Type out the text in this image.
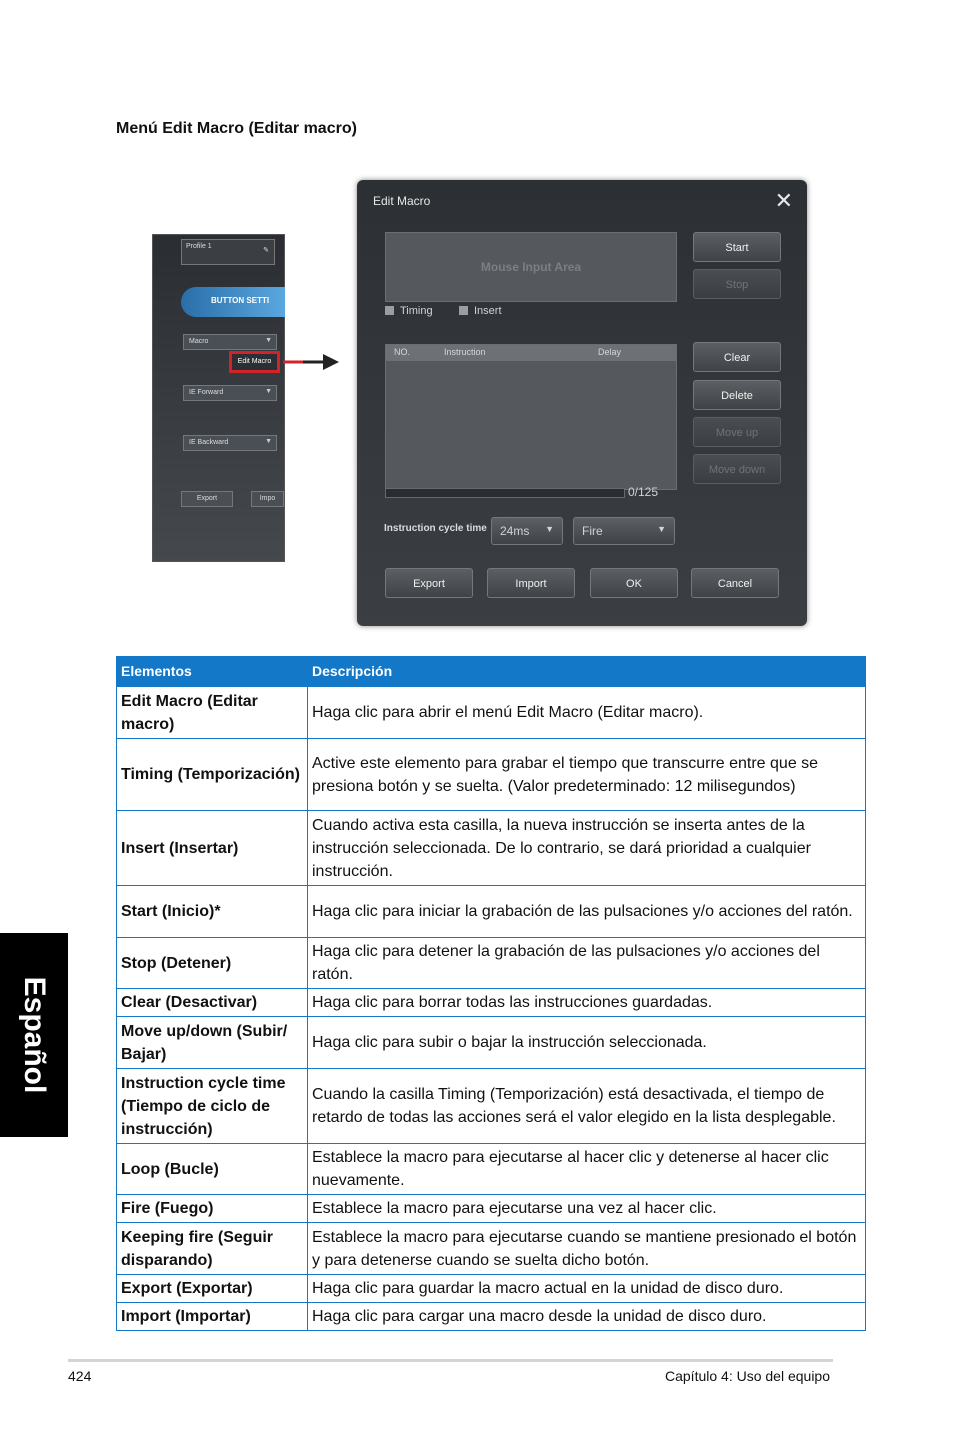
Menú Edit Macro (Editar macro)
Español
Profile 1
✎
BUTTON SETTI
Macro	▼
IE Forward	▼
IE Backward	▼
Export	Impo
Edit Macro
Edit Macro	✕
Mouse Input Area
Start
Stop
Timing	Insert
NO.	Instruction	Delay	Clear
Delete
Move up
Move down
0/125
Instruction cycle time	24ms ▼	Fire	▼
Export	Import	OK	Cancel
Elementos	Descripción
Edit Macro (Editar macro)	Haga clic para abrir el menú Edit Macro (Editar macro).
Timing (Temporización)	Active este elemento para grabar el tiempo que transcurre entre que se presiona botón y se suelta. (Valor predeterminado: 12 milisegundos)
Insert (Insertar)	Cuando activa esta casilla, la nueva instrucción se inserta antes de la instrucción seleccionada. De lo contrario, se dará prioridad a cualquier instrucción.
Start (Inicio)*	Haga clic para iniciar la grabación de las pulsaciones y/o acciones del ratón.
Stop (Detener)	Haga clic para detener la grabación de las pulsaciones y/o acciones del ratón.
Clear (Desactivar)	Haga clic para borrar todas las instrucciones guardadas.
Move up/down (Subir/ Bajar)	Haga clic para subir o bajar la instrucción seleccionada.
Instruction cycle time (Tiempo de ciclo de instrucción)	Cuando la casilla Timing (Temporización) está desactivada, el tiempo de retardo de todas las acciones será el valor elegido en la lista desplegable.
Loop (Bucle)	Establece la macro para ejecutarse al hacer clic y detenerse al hacer clic nuevamente.
Fire (Fuego)	Establece la macro para ejecutarse una vez al hacer clic.
Keeping fire (Seguir disparando)	Establece la macro para ejecutarse cuando se mantiene presionado el botón y para detenerse cuando se suelta dicho botón.
Export (Exportar)	Haga clic para guardar la macro actual en la unidad de disco duro.
Import (Importar)	Haga clic para cargar una macro desde la unidad de disco duro.
424	Capítulo 4: Uso del equipo
